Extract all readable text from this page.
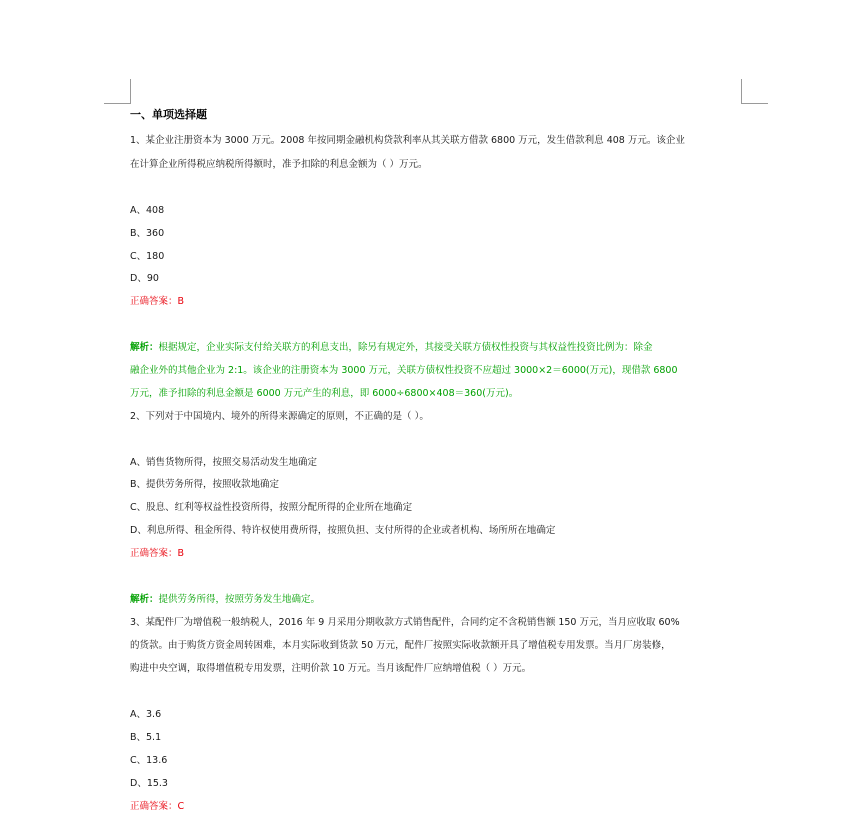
一、单项选择题
1、某企业注册资本为 3000 万元。2008 年按同期金融机构贷款利率从其关联方借款 6800 万元，发生借款利息 408 万元。该企业
在计算企业所得税应纳税所得额时，准予扣除的利息金额为（ ）万元。
A、408
B、360
C、180
D、90
正确答案：B
解析：根据规定，企业实际支付给关联方的利息支出，除另有规定外，其接受关联方债权性投资与其权益性投资比例为：除金
融企业外的其他企业为 2:1。该企业的注册资本为 3000 万元，关联方债权性投资不应超过 3000×2＝6000(万元)，现借款 6800
万元，准予扣除的利息金额是 6000 万元产生的利息，即 6000÷6800×408＝360(万元)。
2、下列对于中国境内、境外的所得来源确定的原则，不正确的是（ ）。
A、销售货物所得，按照交易活动发生地确定
B、提供劳务所得，按照收款地确定
C、股息、红利等权益性投资所得，按照分配所得的企业所在地确定
D、利息所得、租金所得、特许权使用费所得，按照负担、支付所得的企业或者机构、场所所在地确定
正确答案：B
解析：提供劳务所得，按照劳务发生地确定。
3、某配件厂为增值税一般纳税人，2016 年 9 月采用分期收款方式销售配件，合同约定不含税销售额 150 万元，当月应收取 60%
的货款。由于购货方资金周转困难，本月实际收到货款 50 万元，配件厂按照实际收款额开具了增值税专用发票。当月厂房装修，
购进中央空调，取得增值税专用发票，注明价款 10 万元。当月该配件厂应纳增值税（ ）万元。
A、3.6
B、5.1
C、13.6
D、15.3
正确答案：C
